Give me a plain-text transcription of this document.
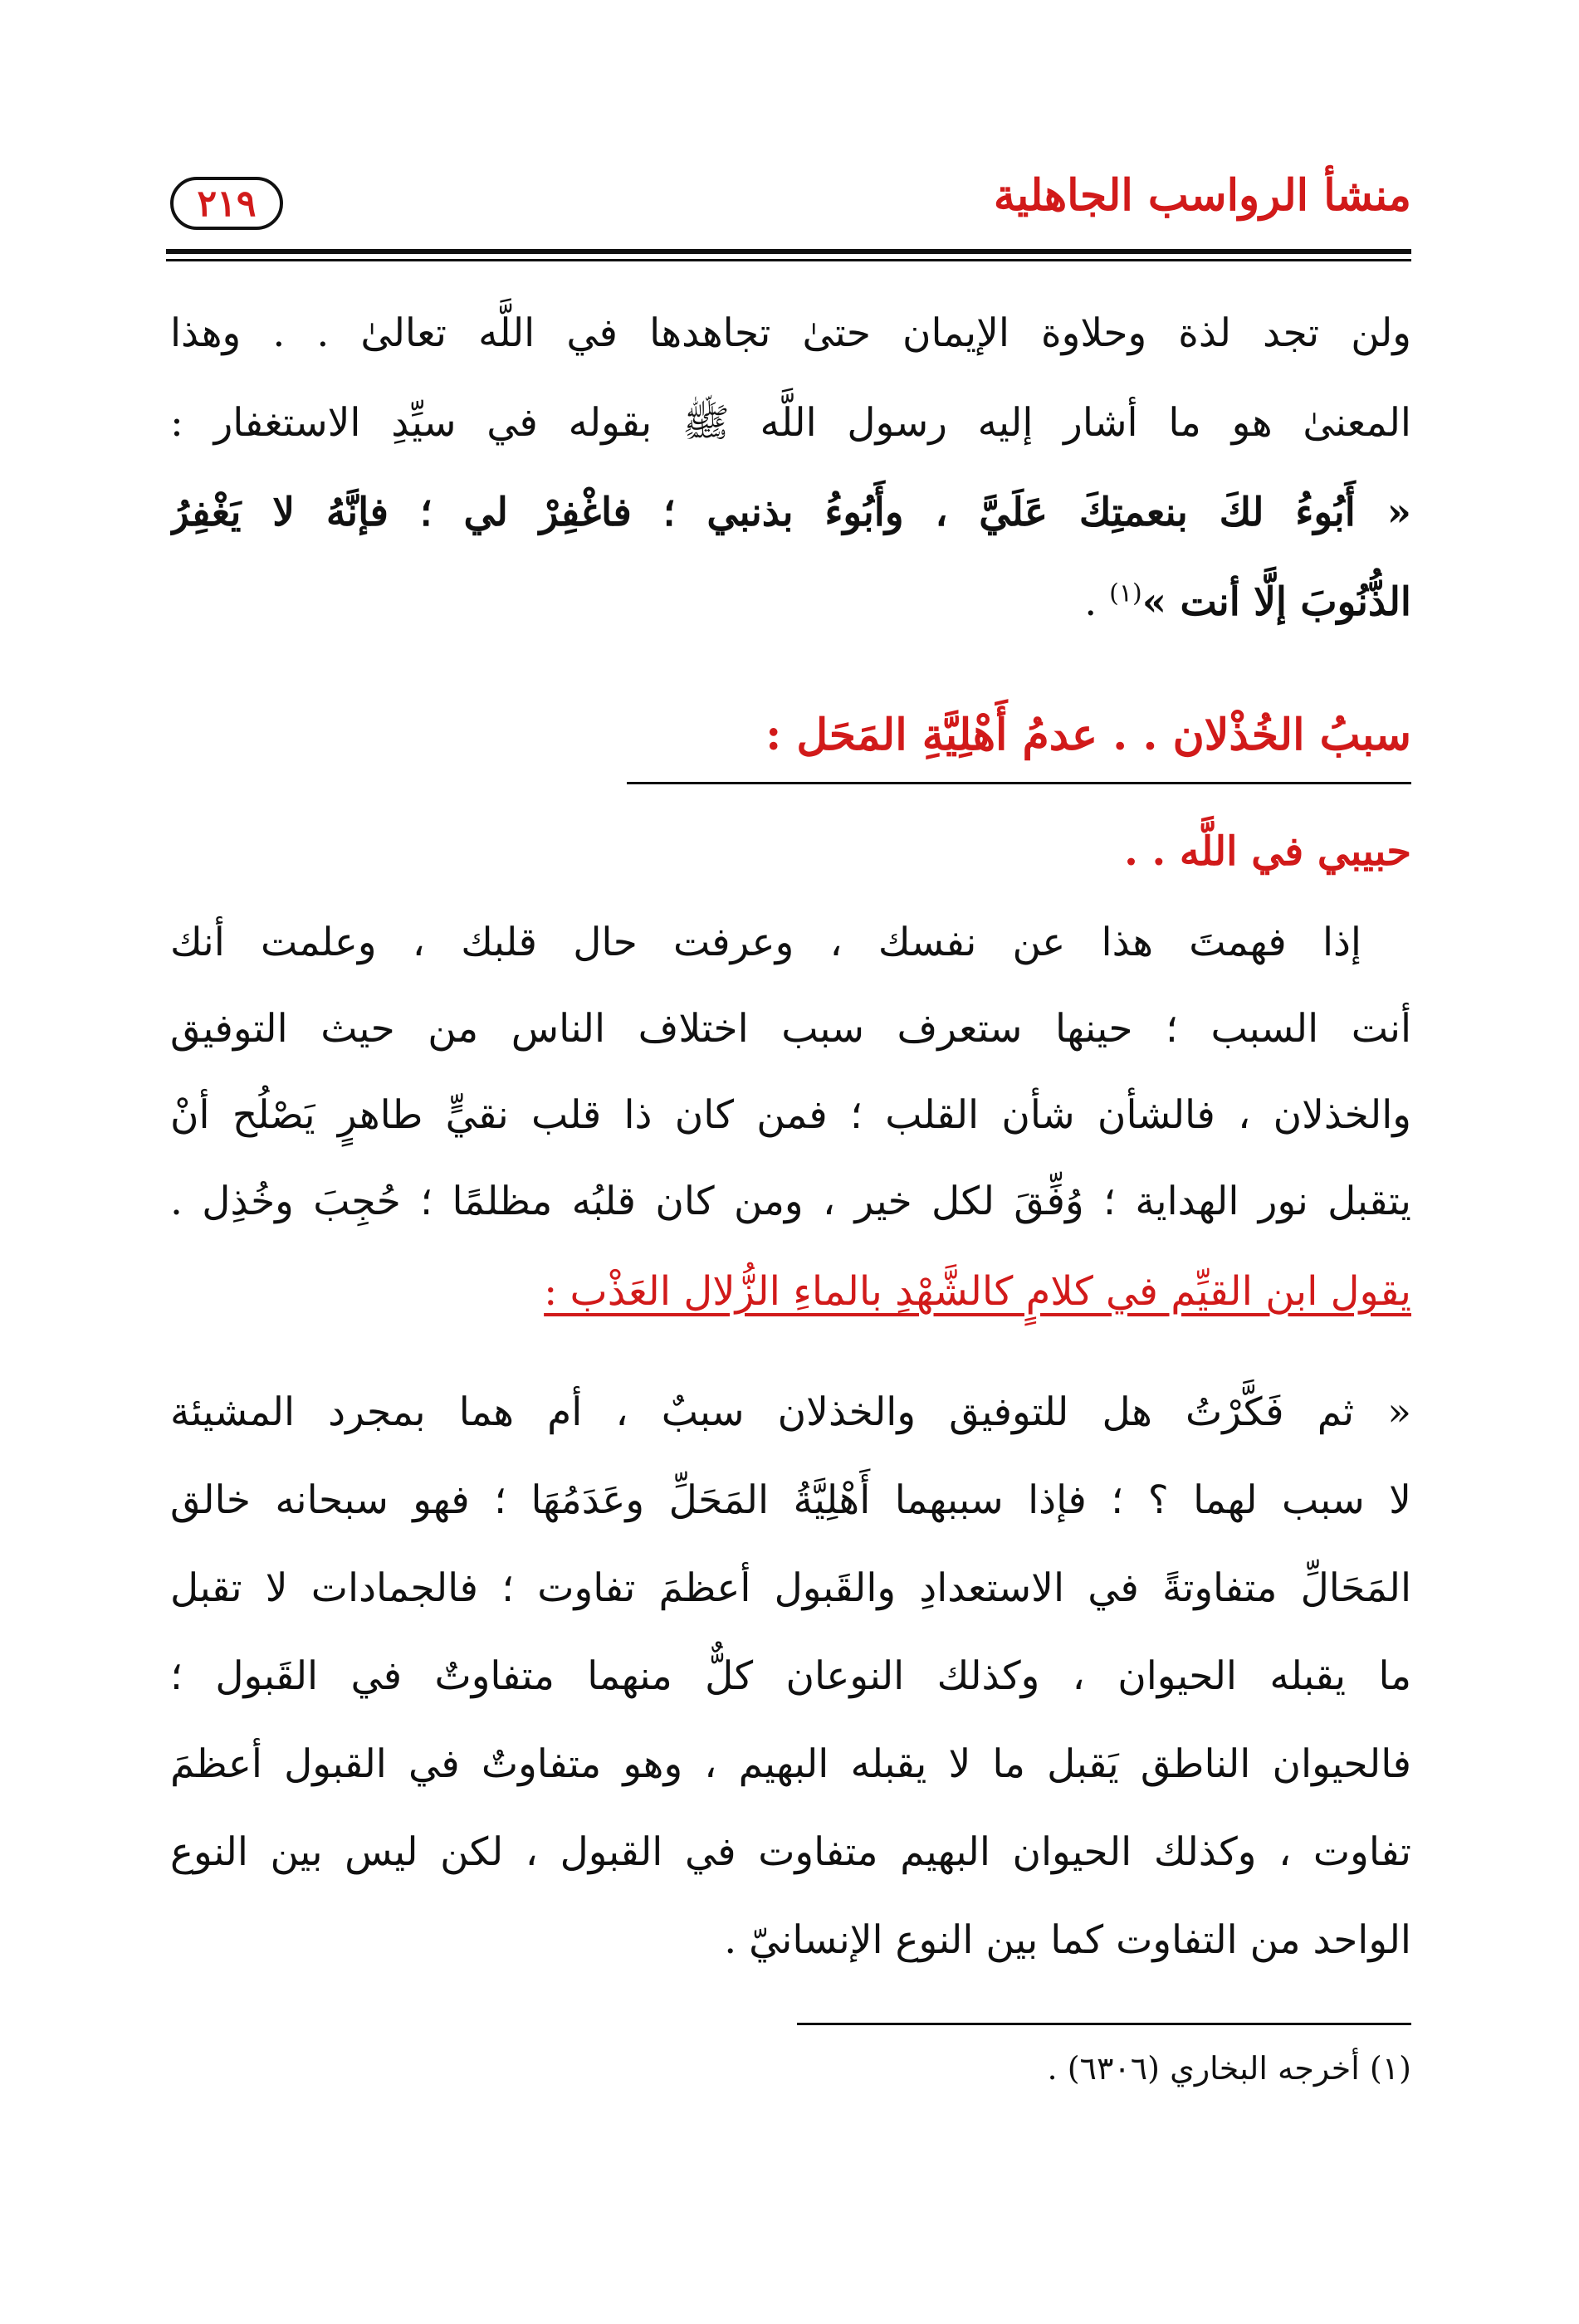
منشأ الرواسب الجاهلية
٢١٩
ولن تجد لذة وحلاوة الإيمان حتىٰ تجاهدها في اللَّه تعالىٰ . . وهذا
المعنىٰ هو ما أشار إليه رسول اللَّه ﷺ بقوله في سيِّدِ الاستغفار :
« أَبُوءُ لكَ بنعمتِكَ عَلَيَّ ، وأَبُوءُ بذنبي ؛ فاغْفِرْ لي ؛ فإنَّهُ لا يَغْفِرُ
الذُّنُوبَ إلَّا أنت »$^{(١)}$ .
سببُ الخُذْلان . . عدمُ أَهْلِيَّةِ المَحَل :
حبيبي في اللَّه . .
إذا فهمتَ هذا عن نفسك ، وعرفت حال قلبك ، وعلمت أنك
أنت السبب ؛ حينها ستعرف سبب اختلاف الناس من حيث التوفيق
والخذلان ، فالشأن شأن القلب ؛ فمن كان ذا قلب نقيٍّ طاهرٍ يَصْلُح أنْ
يتقبل نور الهداية ؛ وُفِّقَ لكل خير ، ومن كان قلبُه مظلمًا ؛ حُجِبَ وخُذِل .
يقول ابن القيِّم في كلامٍ كالشَّهْدِ بالماءِ الزُّلال العَذْب :
« ثم فَكَّرْتُ هل للتوفيق والخذلان سببٌ ، أم هما بمجرد المشيئة
لا سبب لهما ؟ ؛ فإذا سببهما أَهْلِيَّةُ المَحَلِّ وعَدَمُهَا ؛ فهو سبحانه خالق
المَحَالِّ متفاوتةً في الاستعدادِ والقَبول أعظمَ تفاوت ؛ فالجمادات لا تقبل
ما يقبله الحيوان ، وكذلك النوعان كلٌّ منهما متفاوتٌ في القَبول ؛
فالحيوان الناطق يَقبل ما لا يقبله البهيم ، وهو متفاوتٌ في القبول أعظمَ
تفاوت ، وكذلك الحيوان البهيم متفاوت في القبول ، لكن ليس بين النوع
الواحد من التفاوت كما بين النوع الإنسانيّ .
(١) أخرجه البخاري (٦٣٠٦) .
